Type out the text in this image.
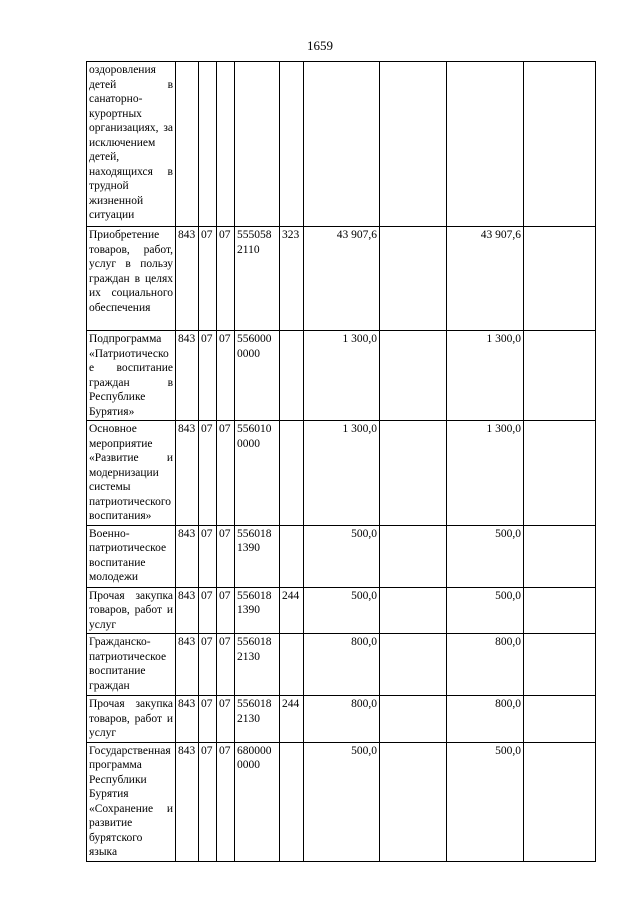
1659
оздоровления детей в санаторно-курортных организациях, за исключением детей, находящихся в трудной жизненной ситуации									
Приобретение товаров, работ, услуг в пользу граждан в целях их социального обеспечения	843	07	07	5550582110	323	43 907,6		43 907,6	
Подпрограмма «Патриотическое воспитание граждан в Республике Бурятия»	843	07	07	5560000000		1 300,0		1 300,0	
Основное мероприятие «Развитие и модернизации системы патриотического воспитания»	843	07	07	5560100000		1 300,0		1 300,0	
Военно-патриотическое воспитание молодежи	843	07	07	5560181390		500,0		500,0	
Прочая закупка товаров, работ и услуг	843	07	07	5560181390	244	500,0		500,0	
Гражданско-патриотическое воспитание граждан	843	07	07	5560182130		800,0		800,0	
Прочая закупка товаров, работ и услуг	843	07	07	5560182130	244	800,0		800,0	
Государственная программа Республики Бурятия «Сохранение и развитие бурятского языка	843	07	07	6800000000		500,0		500,0	
